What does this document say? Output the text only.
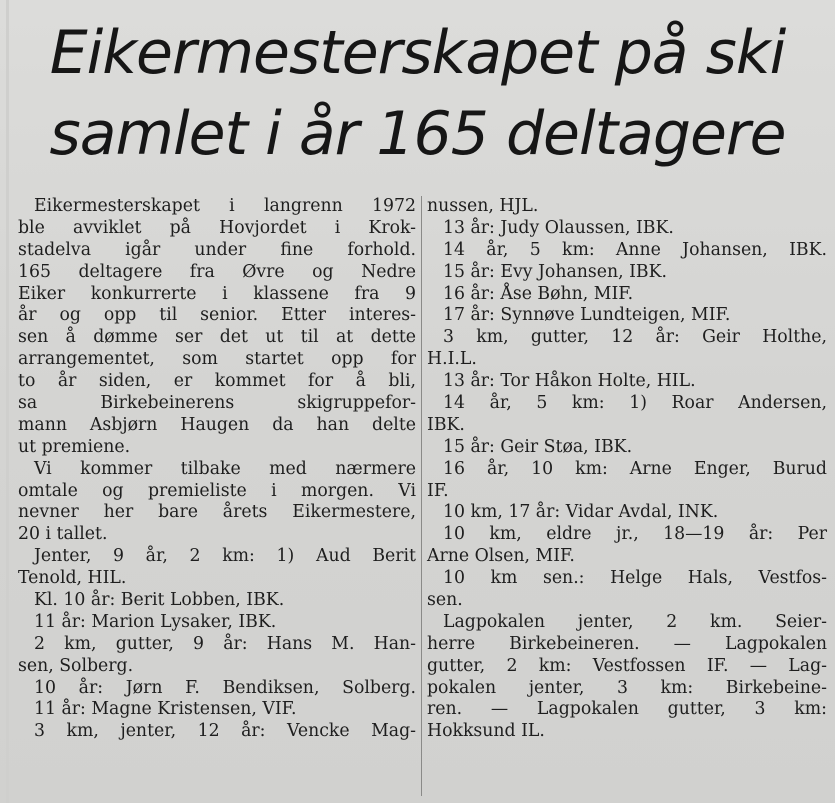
Eikermesterskapet på ski
samlet i år 165 deltagere
Eikermesterskapet i langrenn 1972
ble avviklet på Hovjordet i Krok-
stadelva igår under fine forhold.
165 deltagere fra Øvre og Nedre
Eiker konkurrerte i klassene fra 9
år og opp til senior. Etter interes-
sen å dømme ser det ut til at dette
arrangementet, som startet opp for
to år siden, er kommet for å bli,
sa Birkebeinerens skigruppefor-
mann Asbjørn Haugen da han delte
ut premiene.
Vi kommer tilbake med nærmere
omtale og premieliste i morgen. Vi
nevner her bare årets Eikermestere,
20 i tallet.
Jenter, 9 år, 2 km: 1) Aud Berit
Tenold, HIL.
Kl. 10 år: Berit Lobben, IBK.
11 år: Marion Lysaker, IBK.
2 km, gutter, 9 år: Hans M. Han-
sen, Solberg.
10 år: Jørn F. Bendiksen, Solberg.
11 år: Magne Kristensen, VIF.
3 km, jenter, 12 år: Vencke Mag-
nussen, HJL.
13 år: Judy Olaussen, IBK.
14 år, 5 km: Anne Johansen, IBK.
15 år: Evy Johansen, IBK.
16 år: Åse Bøhn, MIF.
17 år: Synnøve Lundteigen, MIF.
3 km, gutter, 12 år: Geir Holthe,
H.I.L.
13 år: Tor Håkon Holte, HIL.
14 år, 5 km: 1) Roar Andersen,
IBK.
15 år: Geir Støa, IBK.
16 år, 10 km: Arne Enger, Burud
IF.
10 km, 17 år: Vidar Avdal, INK.
10 km, eldre jr., 18—19 år: Per
Arne Olsen, MIF.
10 km sen.: Helge Hals, Vestfos-
sen.
Lagpokalen jenter, 2 km. Seier-
herre Birkebeineren. — Lagpokalen
gutter, 2 km: Vestfossen IF. — Lag-
pokalen jenter, 3 km: Birkebeine-
ren. — Lagpokalen gutter, 3 km:
Hokksund IL.
